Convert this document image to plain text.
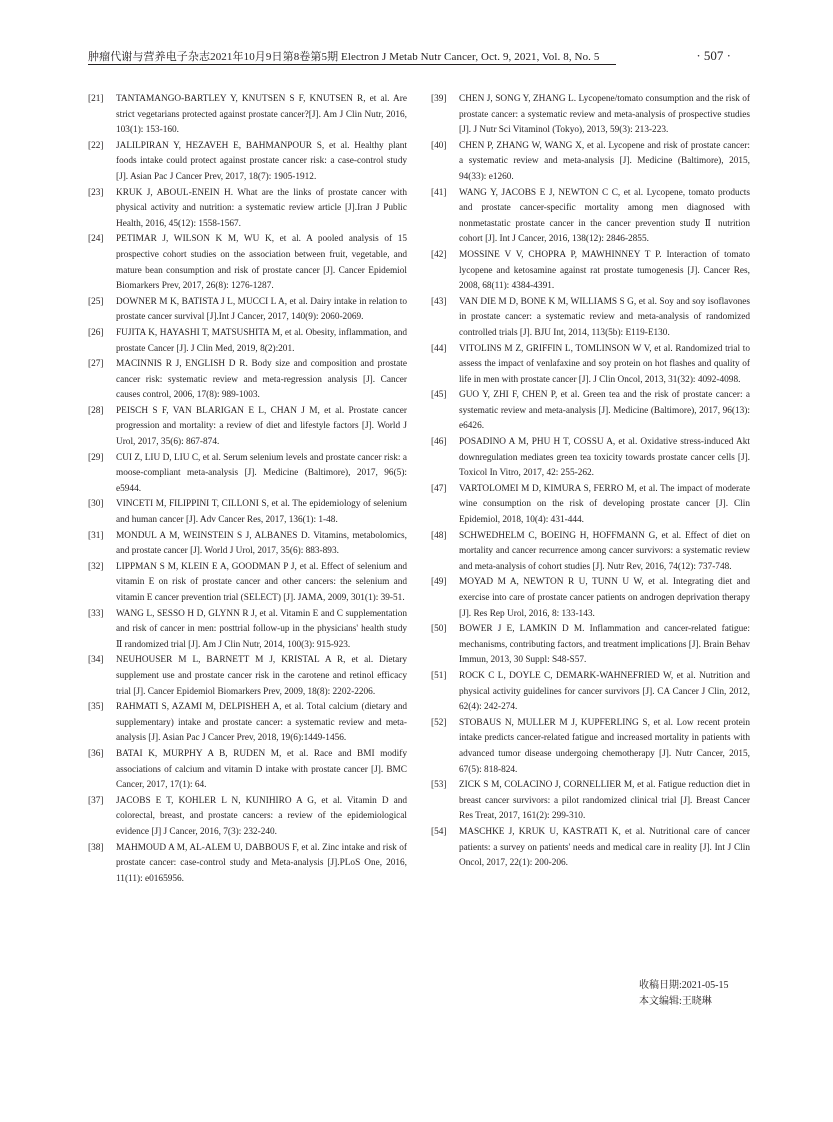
肿瘤代谢与营养电子杂志2021年10月9日第8卷第5期 Electron J Metab Nutr Cancer, Oct. 9, 2021, Vol. 8, No. 5	· 507 ·

[21] TANTAMANGO-BARTLEY Y, KNUTSEN S F, KNUTSEN R, et al. Are strict vegetarians protected against prostate cancer?[J]. Am J Clin Nutr, 2016, 103(1): 153-160.

[22] JALILPIRAN Y, HEZAVEH E, BAHMANPOUR S, et al. Healthy plant foods intake could protect against prostate cancer risk: a case-control study [J]. Asian Pac J Cancer Prev, 2017, 18(7): 1905-1912.

[23] KRUK J, ABOUL-ENEIN H. What are the links of prostate cancer with physical activity and nutrition: a systematic review article [J].Iran J Public Health, 2016, 45(12): 1558-1567.

[24] PETIMAR J, WILSON K M, WU K, et al. A pooled analysis of 15 prospective cohort studies on the association between fruit, vegetable, and mature bean consumption and risk of prostate cancer [J]. Cancer Epidemiol Biomarkers Prev, 2017, 26(8): 1276-1287.

[25] DOWNER M K, BATISTA J L, MUCCI L A, et al. Dairy intake in relation to prostate cancer survival [J].Int J Cancer, 2017, 140(9): 2060-2069.

[26] FUJITA K, HAYASHI T, MATSUSHITA M, et al. Obesity, inflammation, and prostate Cancer [J]. J Clin Med, 2019, 8(2):201.

[27] MACINNIS R J, ENGLISH D R. Body size and composition and prostate cancer risk: systematic review and meta-regression analysis [J]. Cancer causes control, 2006, 17(8): 989-1003.

[28] PEISCH S F, VAN BLARIGAN E L, CHAN J M, et al. Prostate cancer progression and mortality: a review of diet and lifestyle factors [J]. World J Urol, 2017, 35(6): 867-874.

[29] CUI Z, LIU D, LIU C, et al. Serum selenium levels and prostate cancer risk: a moose-compliant meta-analysis [J]. Medicine (Baltimore), 2017, 96(5): e5944.

[30] VINCETI M, FILIPPINI T, CILLONI S, et al. The epidemiology of selenium and human cancer [J]. Adv Cancer Res, 2017, 136(1): 1-48.

[31] MONDUL A M, WEINSTEIN S J, ALBANES D. Vitamins, metabolomics, and prostate cancer [J]. World J Urol, 2017, 35(6): 883-893.

[32] LIPPMAN S M, KLEIN E A, GOODMAN P J, et al. Effect of selenium and vitamin E on risk of prostate cancer and other cancers: the selenium and vitamin E cancer prevention trial (SELECT) [J]. JAMA, 2009, 301(1): 39-51.

[33] WANG L, SESSO H D, GLYNN R J, et al. Vitamin E and C supplementation and risk of cancer in men: posttrial follow-up in the physicians' health study Ⅱ randomized trial [J]. Am J Clin Nutr, 2014, 100(3): 915-923.

[34] NEUHOUSER M L, BARNETT M J, KRISTAL A R, et al. Dietary supplement use and prostate cancer risk in the carotene and retinol efficacy trial [J]. Cancer Epidemiol Biomarkers Prev, 2009, 18(8): 2202-2206.

[35] RAHMATI S, AZAMI M, DELPISHEH A, et al. Total calcium (dietary and supplementary) intake and prostate cancer: a systematic review and meta-analysis [J]. Asian Pac J Cancer Prev, 2018, 19(6):1449-1456.

[36] BATAI K, MURPHY A B, RUDEN M, et al. Race and BMI modify associations of calcium and vitamin D intake with prostate cancer [J]. BMC Cancer, 2017, 17(1): 64.

[37] JACOBS E T, KOHLER L N, KUNIHIRO A G, et al. Vitamin D and colorectal, breast, and prostate cancers: a review of the epidemiological evidence [J] J Cancer, 2016, 7(3): 232-240.

[38] MAHMOUD A M, AL-ALEM U, DABBOUS F, et al. Zinc intake and risk of prostate cancer: case-control study and Meta-analysis [J].PLoS One, 2016, 11(11): e0165956.

[39] CHEN J, SONG Y, ZHANG L. Lycopene/tomato consumption and the risk of prostate cancer: a systematic review and meta-analysis of prospective studies [J]. J Nutr Sci Vitaminol (Tokyo), 2013, 59(3): 213-223.

[40] CHEN P, ZHANG W, WANG X, et al. Lycopene and risk of prostate cancer: a systematic review and meta-analysis [J]. Medicine (Baltimore), 2015, 94(33): e1260.

[41] WANG Y, JACOBS E J, NEWTON C C, et al. Lycopene, tomato products and prostate cancer-specific mortality among men diagnosed with nonmetastatic prostate cancer in the cancer prevention study Ⅱ nutrition cohort [J]. Int J Cancer, 2016, 138(12): 2846-2855.

[42] MOSSINE V V, CHOPRA P, MAWHINNEY T P. Interaction of tomato lycopene and ketosamine against rat prostate tumogenesis [J]. Cancer Res, 2008, 68(11): 4384-4391.

[43] VAN DIE M D, BONE K M, WILLIAMS S G, et al. Soy and soy isoflavones in prostate cancer: a systematic review and meta-analysis of randomized controlled trials [J]. BJU Int, 2014, 113(5b): E119-E130.

[44] VITOLINS M Z, GRIFFIN L, TOMLINSON W V, et al. Randomized trial to assess the impact of venlafaxine and soy protein on hot flashes and quality of life in men with prostate cancer [J]. J Clin Oncol, 2013, 31(32): 4092-4098.

[45] GUO Y, ZHI F, CHEN P, et al. Green tea and the risk of prostate cancer: a systematic review and meta-analysis [J]. Medicine (Baltimore), 2017, 96(13): e6426.

[46] POSADINO A M, PHU H T, COSSU A, et al. Oxidative stress-induced Akt downregulation mediates green tea toxicity towards prostate cancer cells [J]. Toxicol In Vitro, 2017, 42: 255-262.

[47] VARTOLOMEI M D, KIMURA S, FERRO M, et al. The impact of moderate wine consumption on the risk of developing prostate cancer [J]. Clin Epidemiol, 2018, 10(4): 431-444.

[48] SCHWEDHELM C, BOEING H, HOFFMANN G, et al. Effect of diet on mortality and cancer recurrence among cancer survivors: a systematic review and meta-analysis of cohort studies [J]. Nutr Rev, 2016, 74(12): 737-748.

[49] MOYAD M A, NEWTON R U, TUNN U W, et al. Integrating diet and exercise into care of prostate cancer patients on androgen deprivation therapy [J]. Res Rep Urol, 2016, 8: 133-143.

[50] BOWER J E, LAMKIN D M. Inflammation and cancer-related fatigue: mechanisms, contributing factors, and treatment implications [J]. Brain Behav Immun, 2013, 30 Suppl: S48-S57.

[51] ROCK C L, DOYLE C, DEMARK-WAHNEFRIED W, et al. Nutrition and physical activity guidelines for cancer survivors [J]. CA Cancer J Clin, 2012, 62(4): 242-274.

[52] STOBAUS N, MULLER M J, KUPFERLING S, et al. Low recent protein intake predicts cancer-related fatigue and increased mortality in patients with advanced tumor disease undergoing chemotherapy [J]. Nutr Cancer, 2015, 67(5): 818-824.

[53] ZICK S M, COLACINO J, CORNELLIER M, et al. Fatigue reduction diet in breast cancer survivors: a pilot randomized clinical trial [J]. Breast Cancer Res Treat, 2017, 161(2): 299-310.

[54] MASCHKE J, KRUK U, KASTRATI K, et al. Nutritional care of cancer patients: a survey on patients' needs and medical care in reality [J]. Int J Clin Oncol, 2017, 22(1): 200-206.

收稿日期:2021-05-15
本文编辑:王晓琳
